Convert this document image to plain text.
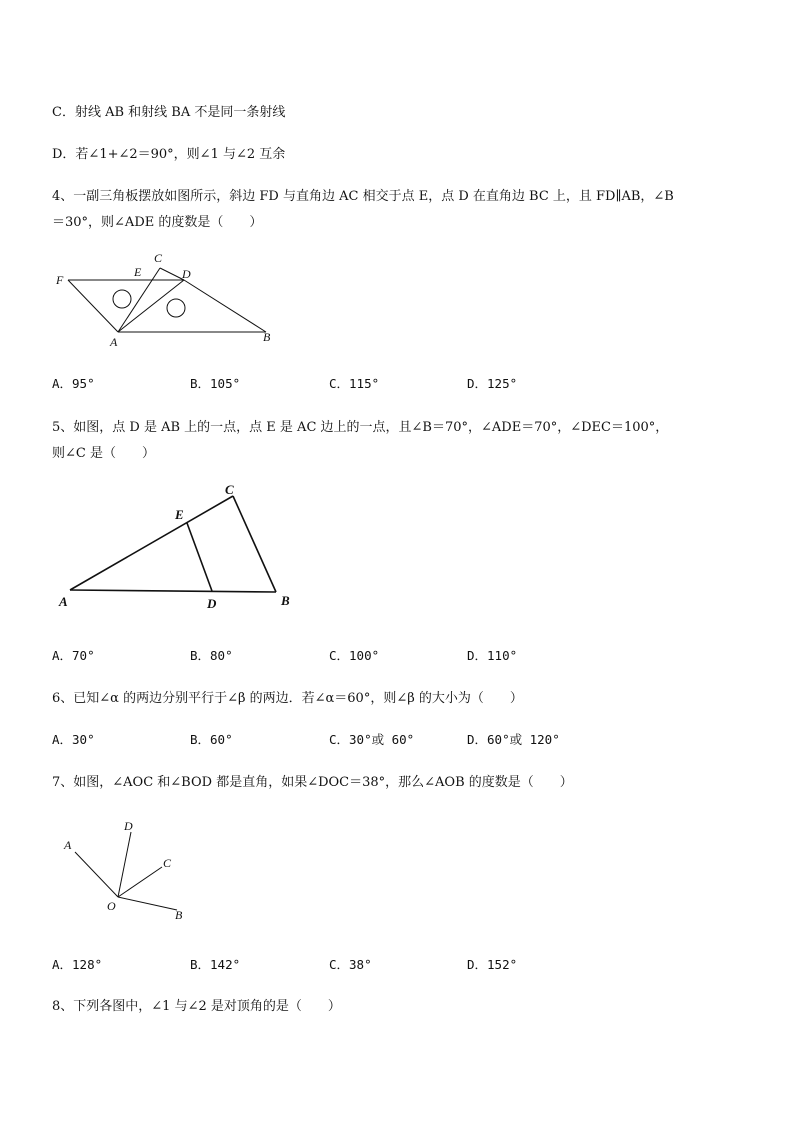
C．射线 AB 和射线 BA 不是同一条射线
D．若∠1+∠2＝90°，则∠1 与∠2 互余
4、一副三角板摆放如图所示，斜边 FD 与直角边 AC 相交于点 E，点 D 在直角边 BC 上，且 FD∥AB，∠B
＝30°，则∠ADE 的度数是（　　）
F
E
C
D
A	B
A．95°	B．105°	C．115°	D．125°
5、如图，点 D 是 AB 上的一点，点 E 是 AC 边上的一点，且∠B＝70°，∠ADE＝70°，∠DEC＝100°，
则∠C 是（　　）
C
E
A	D	B
A．70°	B．80°	C．100°	D．110°
6、已知∠α 的两边分别平行于∠β 的两边．若∠α＝60°，则∠β 的大小为（　　）
A．30°	B．60°	C．30°或 60°	D．60°或 120°
7、如图，∠AOC 和∠BOD 都是直角，如果∠DOC＝38°，那么∠AOB 的度数是（　　）
D
A
C
O
B
A．128°	B．142°	C．38°	D．152°
8、下列各图中，∠1 与∠2 是对顶角的是（　　）
